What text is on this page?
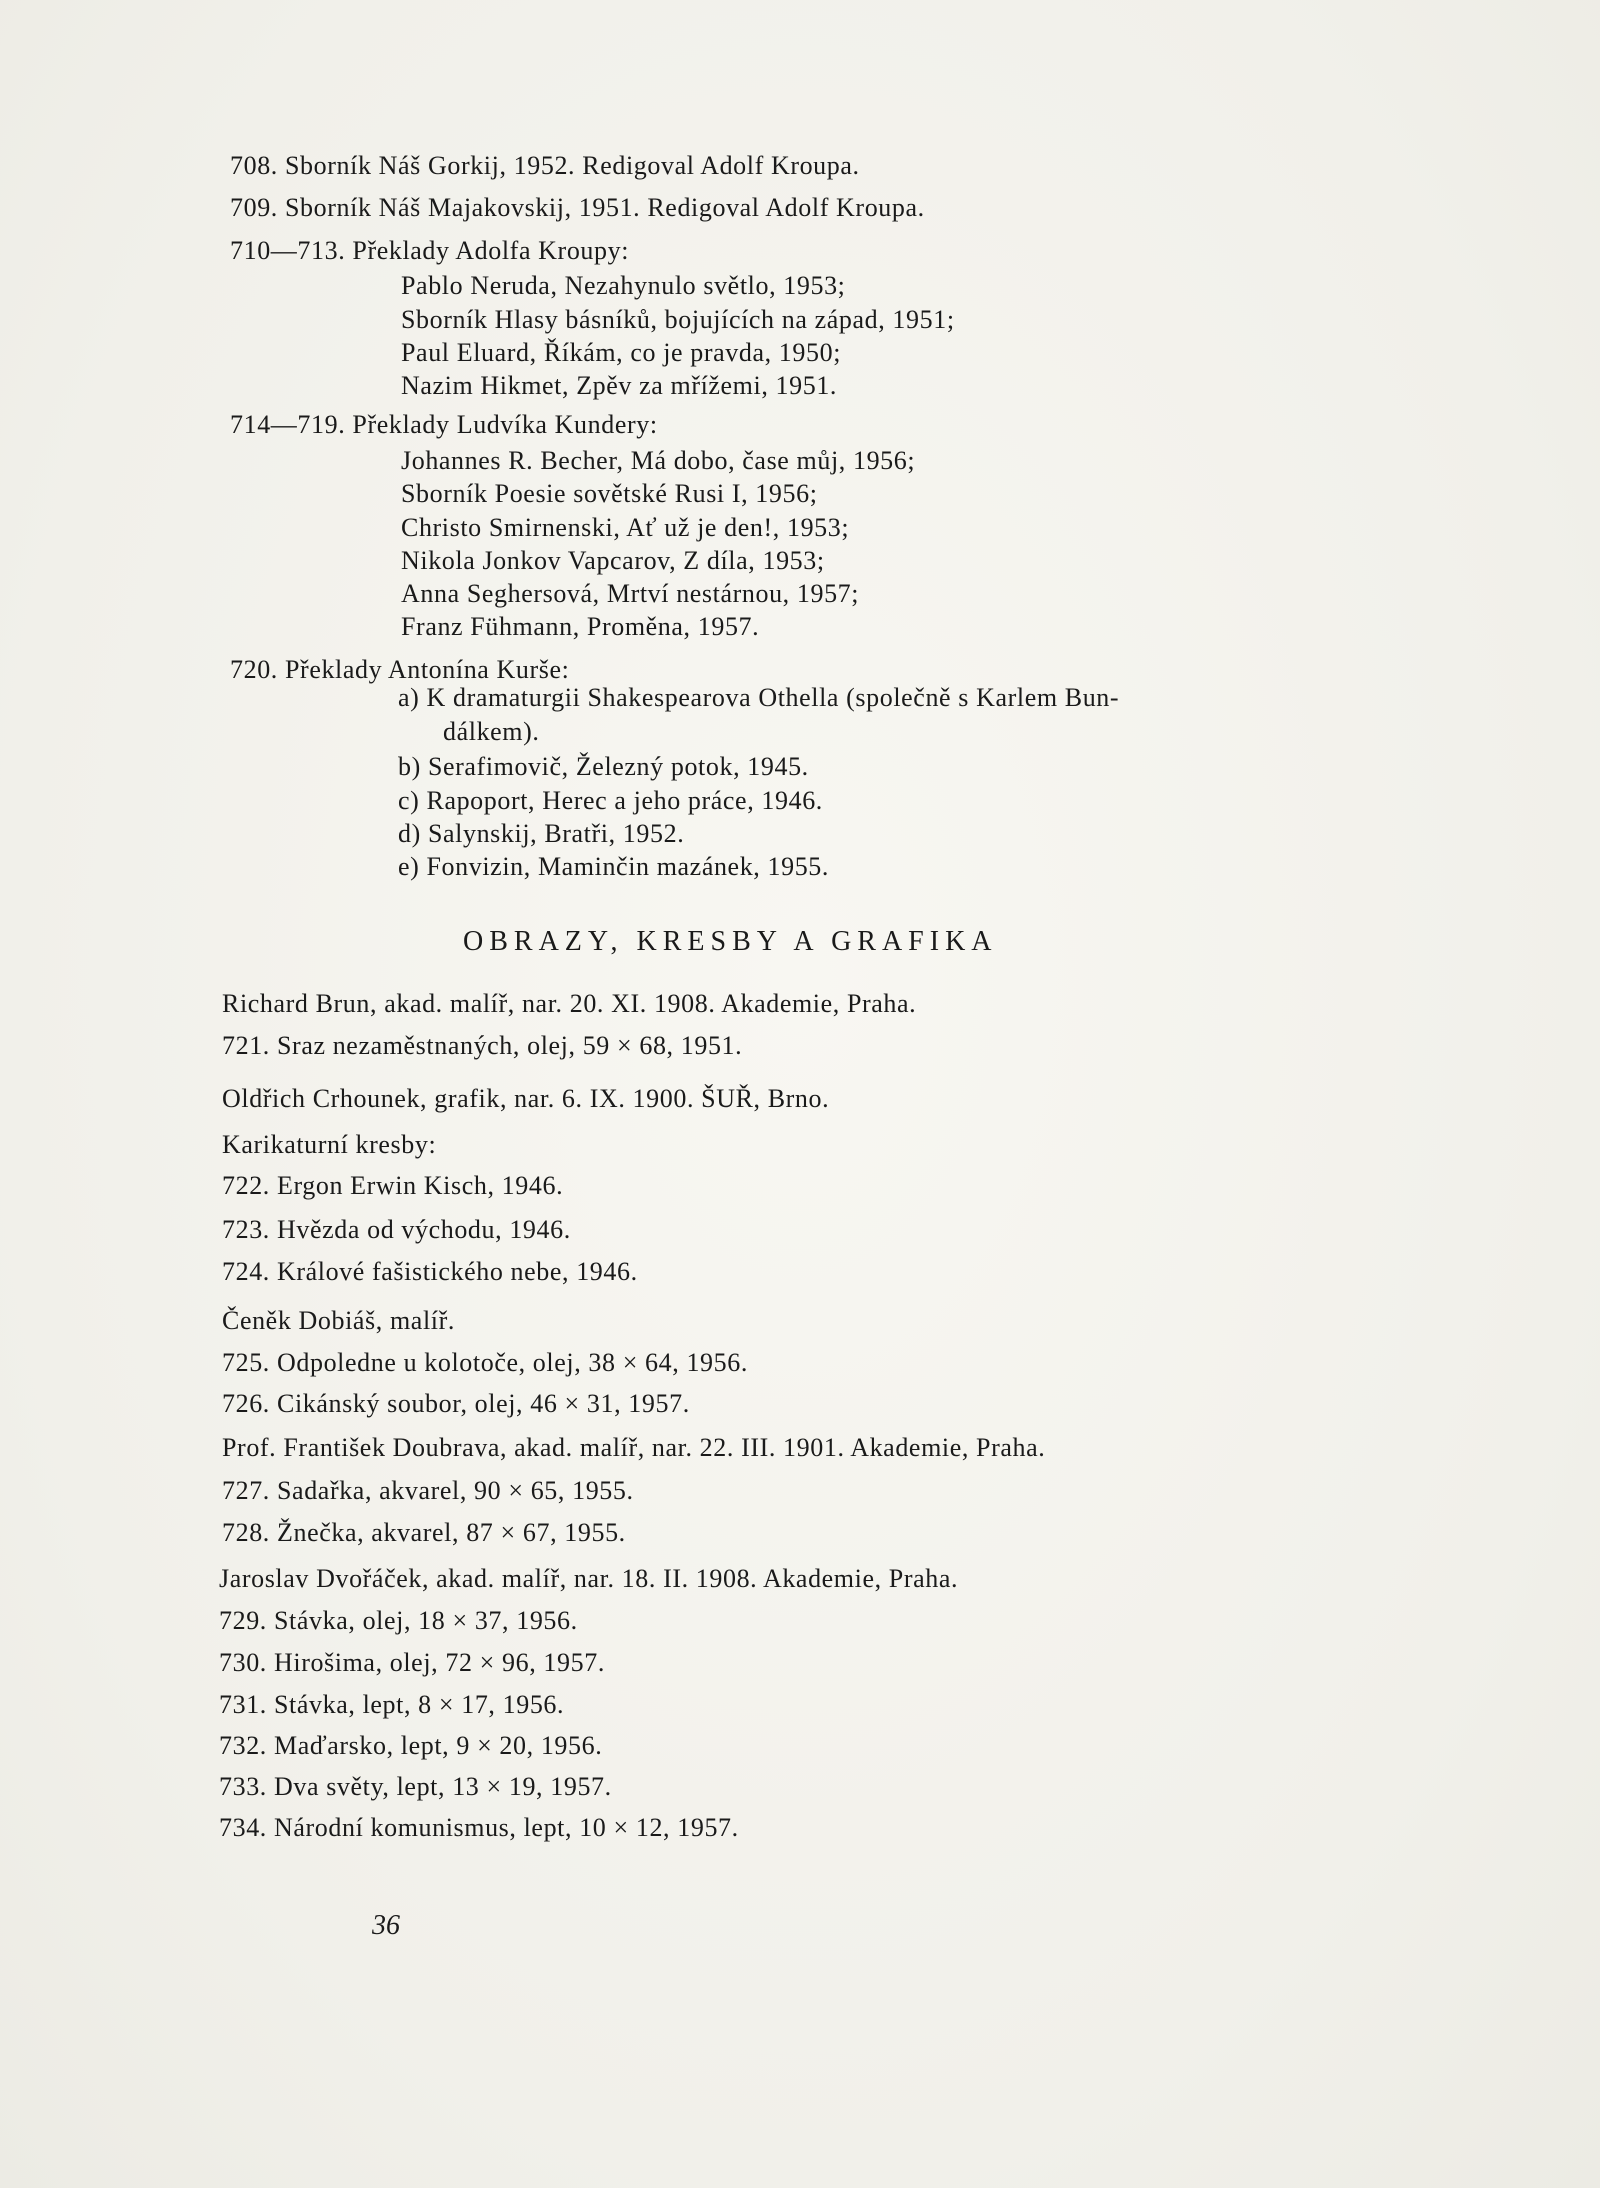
708. Sborník Náš Gorkij, 1952. Redigoval Adolf Kroupa.
709. Sborník Náš Majakovskij, 1951. Redigoval Adolf Kroupa.
710—713. Překlady Adolfa Kroupy:
Pablo Neruda, Nezahynulo světlo, 1953;
Sborník Hlasy básníků, bojujících na západ, 1951;
Paul Eluard, Říkám, co je pravda, 1950;
Nazim Hikmet, Zpěv za mřížemi, 1951.
714—719. Překlady Ludvíka Kundery:
Johannes R. Becher, Má dobo, čase můj, 1956;
Sborník Poesie sovětské Rusi I, 1956;
Christo Smirnenski, Ať už je den!, 1953;
Nikola Jonkov Vapcarov, Z díla, 1953;
Anna Seghersová, Mrtví nestárnou, 1957;
Franz Fühmann, Proměna, 1957.
720. Překlady Antonína Kurše:
a) K dramaturgii Shakespearova Othella (společně s Karlem Bun-
dálkem).
b) Serafimovič, Železný potok, 1945.
c) Rapoport, Herec a jeho práce, 1946.
d) Salynskij, Bratři, 1952.
e) Fonvizin, Maminčin mazánek, 1955.
OBRAZY, KRESBY A GRAFIKA
Richard Brun, akad. malíř, nar. 20. XI. 1908. Akademie, Praha.
721. Sraz nezaměstnaných, olej, 59 × 68, 1951.
Oldřich Crhounek, grafik, nar. 6. IX. 1900. ŠUŘ, Brno.
Karikaturní kresby:
722. Ergon Erwin Kisch, 1946.
723. Hvězda od východu, 1946.
724. Králové fašistického nebe, 1946.
Čeněk Dobiáš, malíř.
725. Odpoledne u kolotoče, olej, 38 × 64, 1956.
726. Cikánský soubor, olej, 46 × 31, 1957.
Prof. František Doubrava, akad. malíř, nar. 22. III. 1901. Akademie, Praha.
727. Sadařka, akvarel, 90 × 65, 1955.
728. Žnečka, akvarel, 87 × 67, 1955.
Jaroslav Dvořáček, akad. malíř, nar. 18. II. 1908. Akademie, Praha.
729. Stávka, olej, 18 × 37, 1956.
730. Hirošima, olej, 72 × 96, 1957.
731. Stávka, lept, 8 × 17, 1956.
732. Maďarsko, lept, 9 × 20, 1956.
733. Dva světy, lept, 13 × 19, 1957.
734. Národní komunismus, lept, 10 × 12, 1957.
36
